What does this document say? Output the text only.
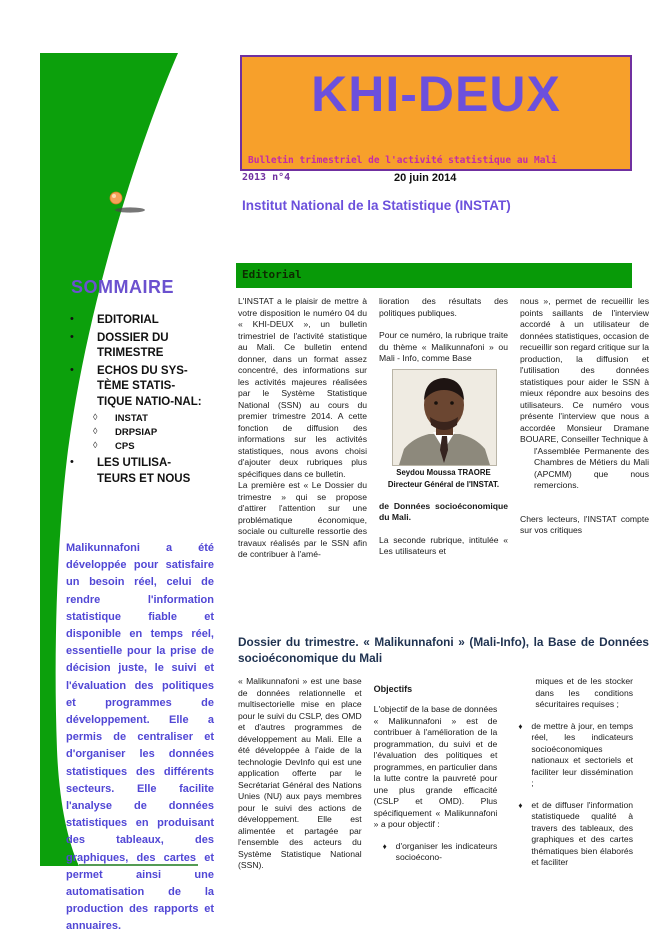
SOMMAIRE
•	EDITORIAL
•	DOSSIER DU TRIMESTRE
•	ECHOS DU SYS-TÈME STATIS-TIQUE NATIO-NAL:
◊	INSTAT
◊	DRPSIAP
◊	CPS
•	LES UTILISA-TEURS ET NOUS
Malikunnafoni a été développée pour satisfaire un besoin réel, celui de rendre l'information statistique fiable et disponible en temps réel, essentielle pour la prise de décision juste, le suivi et l'évaluation des politiques et programmes de développement. Elle a permis de centraliser et d'organiser les données statistiques des différents secteurs. Elle facilite l'analyse de données statistiques en produisant des tableaux, des graphiques, des cartes et permet ainsi une automatisation de la production des rapports et annuaires.
KHI-DEUX
Bulletin trimestriel de l'activité statistique au Mali
2013 n°4	20 juin 2014
Institut National de la Statistique (INSTAT)
Editorial

L'INSTAT a le plaisir de mettre à votre disposition le numéro 04 du « KHI-DEUX », un bulletin trimestriel de l'activité statistique au Mali. Ce bulletin entend donner, dans un format assez concentré, des informations sur les activités majeures réalisées par le Système Statistique National (SSN) au cours du premier trimestre 2014. A cette fonction de diffusion des informations sur les activités statistiques, nous avons choisi d'ajouter deux rubriques plus spécifiques dans ce bulletin.

La première est « Le Dossier du trimestre » qui se propose d'attirer l'attention sur une problématique économique, sociale ou culturelle ressortie des travaux réalisés par le SSN afin de contribuer à l'amé-

lioration des résultats des politiques publiques.

Pour ce numéro, la rubrique traite du thème « Malikunnafoni » ou Mali - Info, comme Base

Seydou Moussa TRAORE

Directeur Général de l'INSTAT.

de Données socioéconomique du Mali.

La seconde rubrique, intitulée « Les utilisateurs et

nous », permet de recueillir les points saillants de l'interview accordé à un utilisateur de données statistiques, occasion de recueillir son regard critique sur la production, la diffusion et l'utilisation des données statistiques pour aider le SSN à mieux répondre aux besoins des utilisateurs. Ce numéro vous présente l'interview que nous a accordée Monsieur Dramane BOUARE, Conseiller Technique à

l'Assemblée Permanente des Chambres de Métiers du Mali (APCMM) que nous remercions.

Chers lecteurs, l'INSTAT compte sur vos critiques

Dossier du trimestre. « Malikunnafoni » (Mali-Info), la Base de Données socioéconomique du Mali

« Malikunnafoni » est une base de données relationnelle et multisectorielle mise en place pour le suivi du CSLP, des OMD et d'autres programmes de développement au Mali. Elle a été développée à l'aide de la technologie DevInfo qui est une application offerte par le Secrétariat Général des Nations Unies (NU) aux pays membres pour le suivi des actions de développement. Elle est alimentée et partagée par l'ensemble des acteurs du Système Statistique National (SSN).

Objectifs

L'objectif de la base de données « Malikunnafoni » est de contribuer à l'amélioration de la programmation, du suivi et de l'évaluation des politiques et programmes, en particulier dans la lutte contre la pauvreté pour une plus grande efficacité (CSLP et OMD). Plus spécifiquement « Malikunnafoni » a pour objectif :

♦	d'organiser les indicateurs socioécono-

miques et de les stocker dans les conditions sécuritaires requises ;

♦	de mettre à jour, en temps réel, les indicateurs socioéconomiques nationaux et sectoriels et faciliter leur dissémination ;
♦	et de diffuser l'information statistiquede qualité à travers des tableaux, des graphiques et des cartes thématiques bien élaborés et faciliter
